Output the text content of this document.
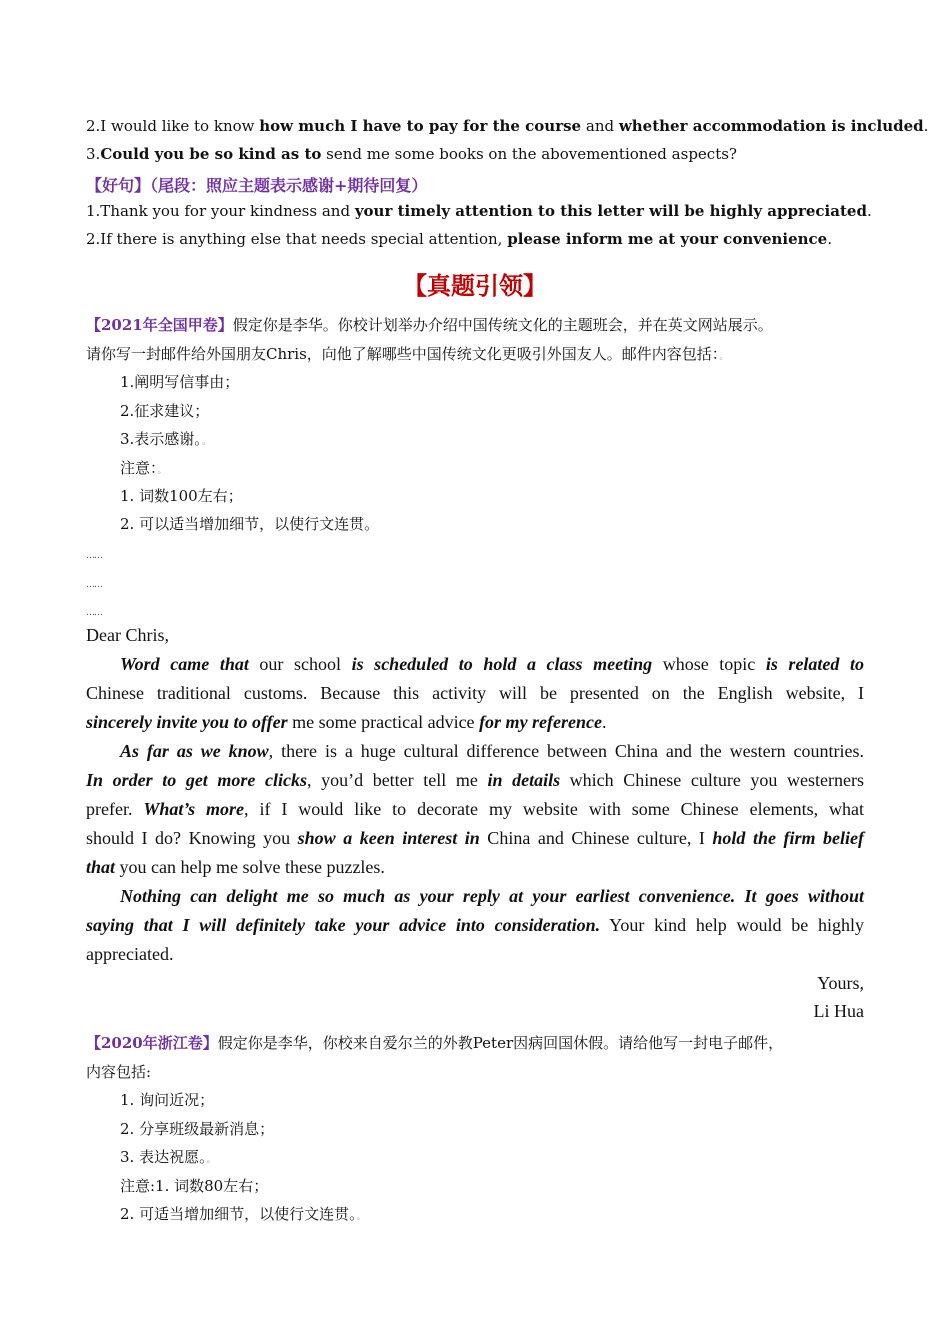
2.I would like to know how much I have to pay for the course and whether accommodation is included.
3.Could you be so kind as to send me some books on the abovementioned aspects?
【好句】（尾段：照应主题表示感谢+期待回复）
1.Thank you for your kindness and your timely attention to this letter will be highly appreciated.
2.If there is anything else that needs special attention, please inform me at your convenience.
【真题引领】
【2021年全国甲卷】假定你是李华。你校计划举办介绍中国传统文化的主题班会，并在英文网站展示。
请你写一封邮件给外国朋友Chris，向他了解哪些中国传统文化更吸引外国友人。邮件内容包括：。
1.阐明写信事由；
2.征求建议；
3.表示感谢。。
注意：。
1. 词数100左右；
2. 可以适当增加细节，以使行文连贯。
……
……
……
Dear Chris,
Word came that our school is scheduled to hold a class meeting whose topic is related to
Chinese traditional customs. Because this activity will be presented on the English website, I
sincerely invite you to offer me some practical advice for my reference.
As far as we know, there is a huge cultural difference between China and the western countries.
In order to get more clicks, you’d better tell me in details which Chinese culture you westerners
prefer. What’s more, if I would like to decorate my website with some Chinese elements, what
should I do? Knowing you show a keen interest in China and Chinese culture, I hold the firm belief
that you can help me solve these puzzles.
Nothing can delight me so much as your reply at your earliest convenience. It goes without
saying that I will definitely take your advice into consideration. Your kind help would be highly
appreciated.
Yours,
Li Hua
【2020年浙江卷】假定你是李华，你校来自爱尔兰的外教Peter因病回国休假。请给他写一封电子邮件，
内容包括:
1. 询问近况；
2. 分享班级最新消息；
3. 表达祝愿。。
注意:1. 词数80左右；
2. 可适当增加细节，以使行文连贯。。
